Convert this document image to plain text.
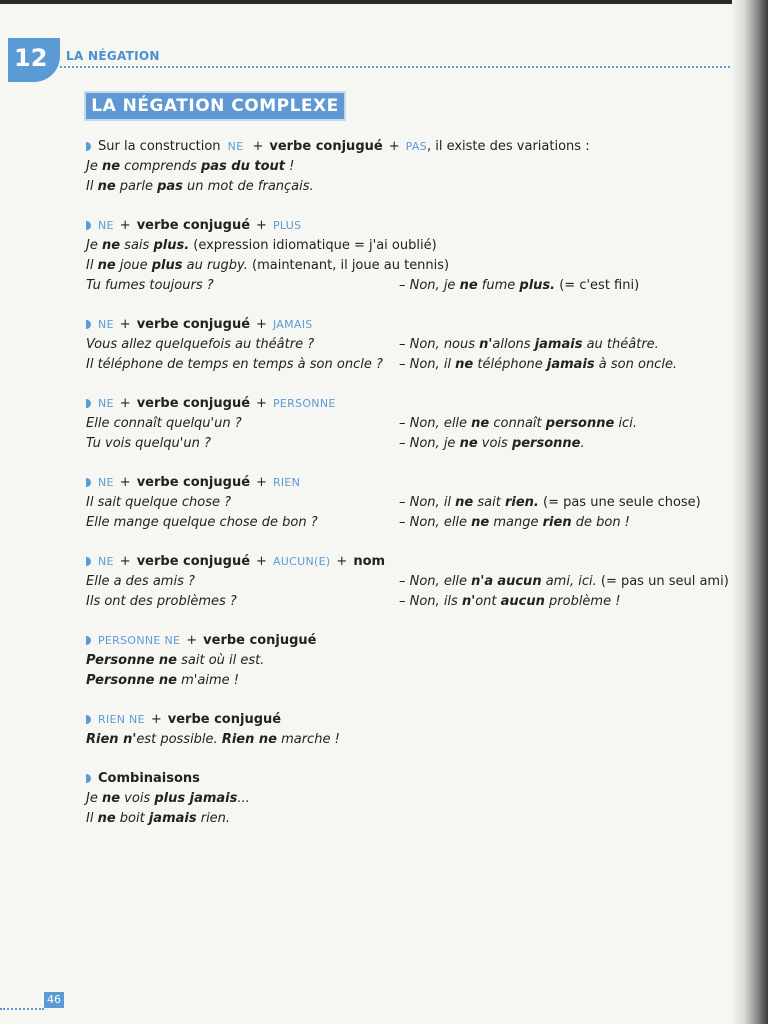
12	LA NÉGATION
LA NÉGATION COMPLEXE
Sur la construction NE + verbe conjugué + PAS, il existe des variations :
Je ne comprends pas du tout !
Il ne parle pas un mot de français.
NE + verbe conjugué + PLUS
Je ne sais plus. (expression idiomatique = j'ai oublié)
Il ne joue plus au rugby. (maintenant, il joue au tennis)
Tu fumes toujours ?	– Non, je ne fume plus. (= c'est fini)
NE + verbe conjugué + JAMAIS
Vous allez quelquefois au théâtre ?	– Non, nous n'allons jamais au théâtre.
Il téléphone de temps en temps à son oncle ? – Non, il ne téléphone jamais à son oncle.
NE + verbe conjugué + PERSONNE
Elle connaît quelqu'un ?	– Non, elle ne connaît personne ici.
Tu vois quelqu'un ?	– Non, je ne vois personne.
NE + verbe conjugué + RIEN
Il sait quelque chose ?	– Non, il ne sait rien. (= pas une seule chose)
Elle mange quelque chose de bon ?	– Non, elle ne mange rien de bon !
NE + verbe conjugué + AUCUN(E) + nom
Elle a des amis ?	– Non, elle n'a aucun ami, ici. (= pas un seul ami)
Ils ont des problèmes ?	– Non, ils n'ont aucun problème !
PERSONNE NE + verbe conjugué
Personne ne sait où il est.
Personne ne m'aime !
RIEN NE + verbe conjugué
Rien n'est possible. Rien ne marche !
Combinaisons
Je ne vois plus jamais...
Il ne boit jamais rien.
46
